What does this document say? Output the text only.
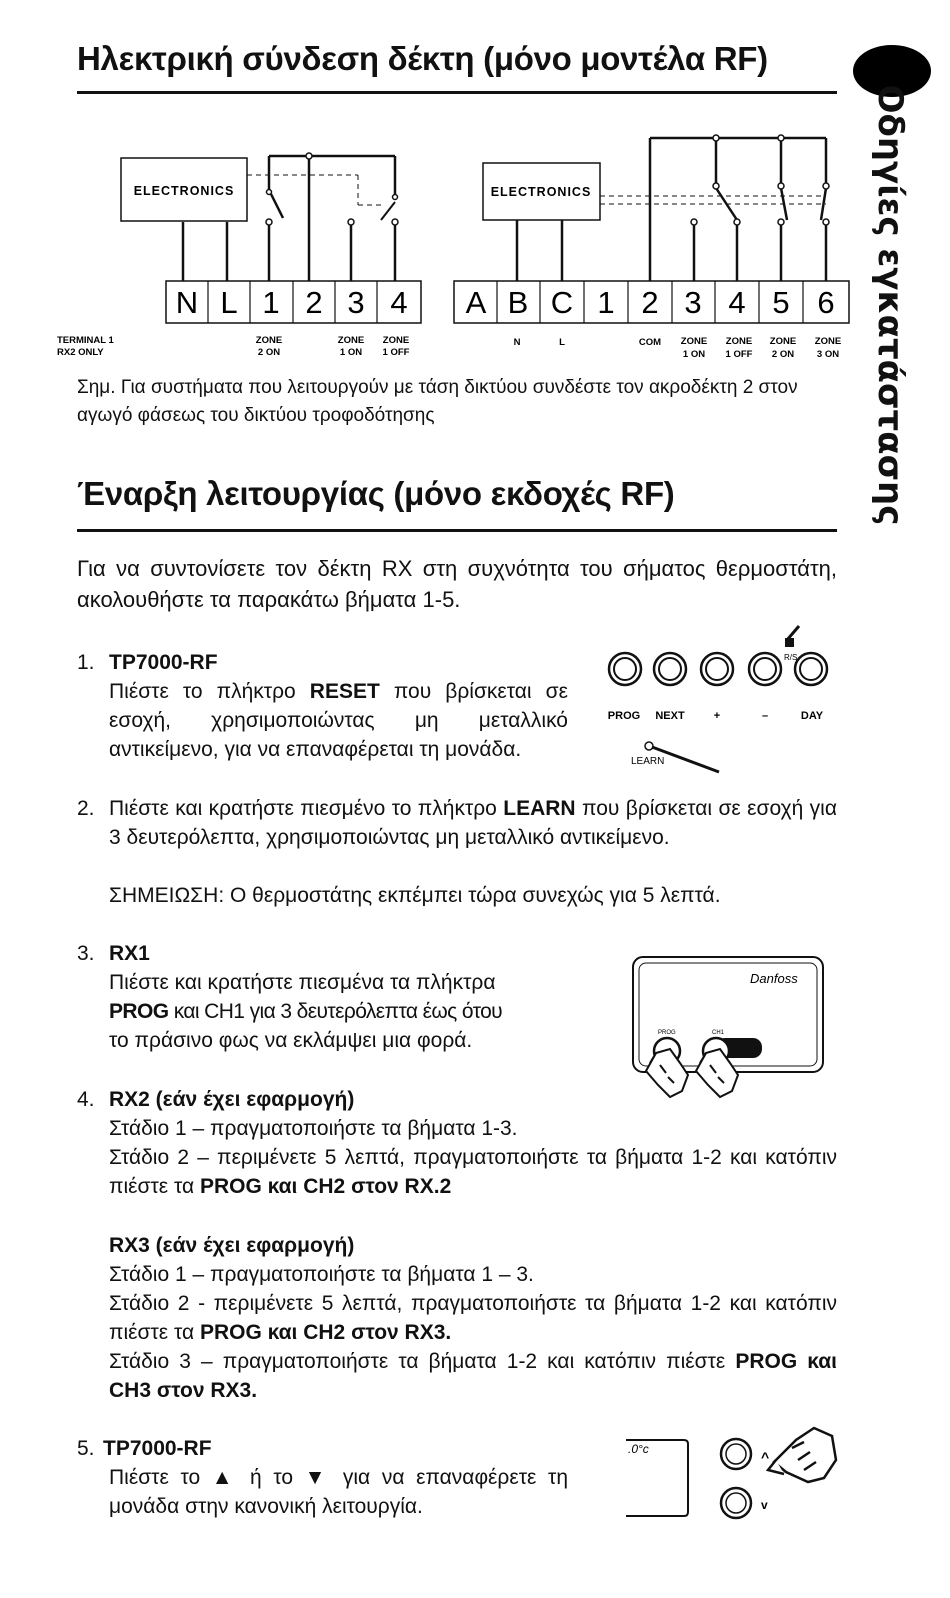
Ηλεκτρική σύνδεση δέκτη (μόνο μοντέλα RF)
Οδηγίες εγκατάστασης
ELECTRONICS
N L 1 2 3 4
ZONE
2 ON
ZONE
1 ON
ZONE
1 OFF
TERMINAL 1
RX2 ONLY
ELECTRONICS
A B C 1 2 3 4 5 6
N	L	COM ZONE
1 ON
ZONE
1 OFF
ZONE
2 ON
ZONE
3 ON
Σημ. Για συστήματα που λειτουργούν με τάση δικτύου συνδέστε τον ακροδέκτη 2 στον αγωγό φάσεως του δικτύου τροφοδότησης
Έναρξη λειτουργίας (μόνο εκδοχές RF)
Για να συντονίσετε τον δέκτη RX στη συχνότητα του σήματος θερμοστάτη, ακολουθήστε τα παρακάτω βήματα 1-5.
1. TP7000-RF
Πιέστε το πλήκτρο RESET που βρίσκεται σε εσοχή, χρησιμοποιώντας μη μεταλλικό αντικείμενο, για να επαναφέρεται τη μονάδα.
R/S
PROG NEXT	+	–	DAY
LEARN
2. Πιέστε και κρατήστε πιεσμένο το πλήκτρο LEARN που βρίσκεται σε εσοχή για 3 δευτερόλεπτα, χρησιμοποιώντας μη μεταλλικό αντικείμενο.
ΣΗΜΕΙΩΣΗ: Ο θερμοστάτης εκπέμπει τώρα συνεχώς για 5 λεπτά.
3. RX1
Πιέστε και κρατήστε πιεσμένα τα πλήκτρα
PROG και CH1 για 3 δευτερόλεπτα έως ότου
το πράσινο φως να εκλάμψει μια φορά.
Danfoss
PROG	CH1
4. RX2 (εάν έχει εφαρμογή)
Στάδιο 1 – πραγματοποιήστε τα βήματα 1-3.
Στάδιο 2 – περιμένετε 5 λεπτά, πραγματοποιήστε τα βήματα 1-2 και κατόπιν πιέστε τα PROG και CH2 στον RX.2
RX3 (εάν έχει εφαρμογή)
Στάδιο 1 – πραγματοποιήστε τα βήματα 1 – 3.
Στάδιο 2 - περιμένετε 5 λεπτά, πραγματοποιήστε τα βήματα 1-2 και κατόπιν πιέστε τα PROG και CH2 στον RX3.
Στάδιο 3 – πραγματοποιήστε τα βήματα 1-2 και κατόπιν πιέστε PROG και CH3 στον RX3.
5. TP7000-RF
Πιέστε το ▲ ή το ▼ για να επαναφέρετε τη μονάδα στην κανονική λειτουργία.
.0°c	^
v
